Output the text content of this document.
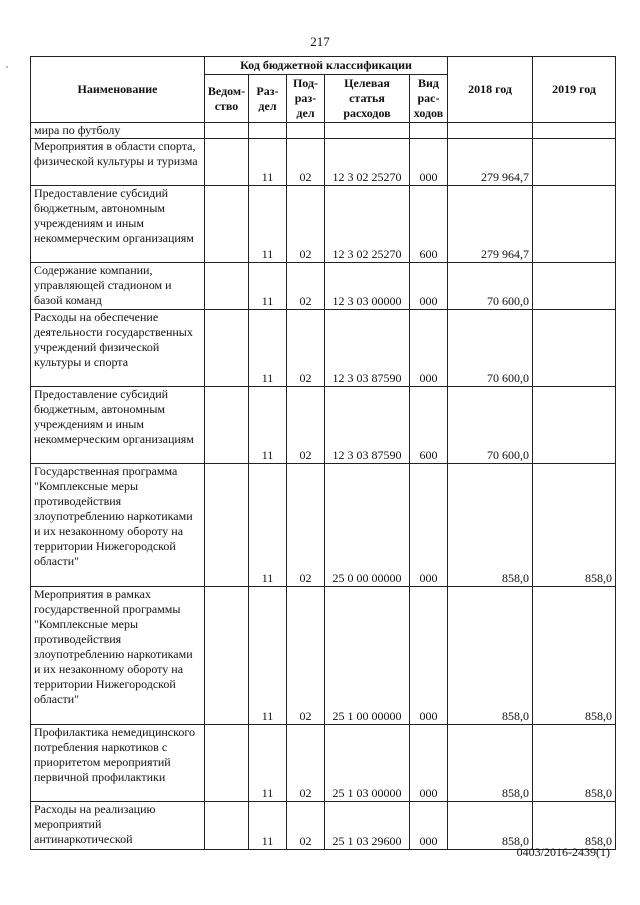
217
Наименование	Код бюджетной классификации					2018 год	2019 год
	Ведом-ство	Раз-дел	Под-раз-дел	Целевая статья расходов	Вид рас-ходов		
мира по футболу							
Мероприятия в области спорта, физической культуры и туризма		11	02	12 3 02 25270	000	279 964,7	
Предоставление субсидий бюджетным, автономным учреждениям и иным некоммерческим организациям		11	02	12 3 02 25270	600	279 964,7	
Содержание компании, управляющей стадионом и базой команд		11	02	12 3 03 00000	000	70 600,0	
Расходы на обеспечение деятельности государственных учреждений физической культуры и спорта		11	02	12 3 03 87590	000	70 600,0	
Предоставление субсидий бюджетным, автономным учреждениям и иным некоммерческим организациям		11	02	12 3 03 87590	600	70 600,0	
Государственная программа "Комплексные меры противодействия злоупотреблению наркотиками и их незаконному обороту на территории Нижегородской области"		11	02	25 0 00 00000	000	858,0	858,0
Мероприятия в рамках государственной программы "Комплексные меры противодействия злоупотреблению наркотиками и их незаконному обороту на территории Нижегородской области"		11	02	25 1 00 00000	000	858,0	858,0
Профилактика немедицинского потребления наркотиков с приоритетом мероприятий первичной профилактики		11	02	25 1 03 00000	000	858,0	858,0
Расходы на реализацию мероприятий антинаркотической		11	02	25 1 03 29600	000	858,0	858,0
0403/2016-2439(1)
